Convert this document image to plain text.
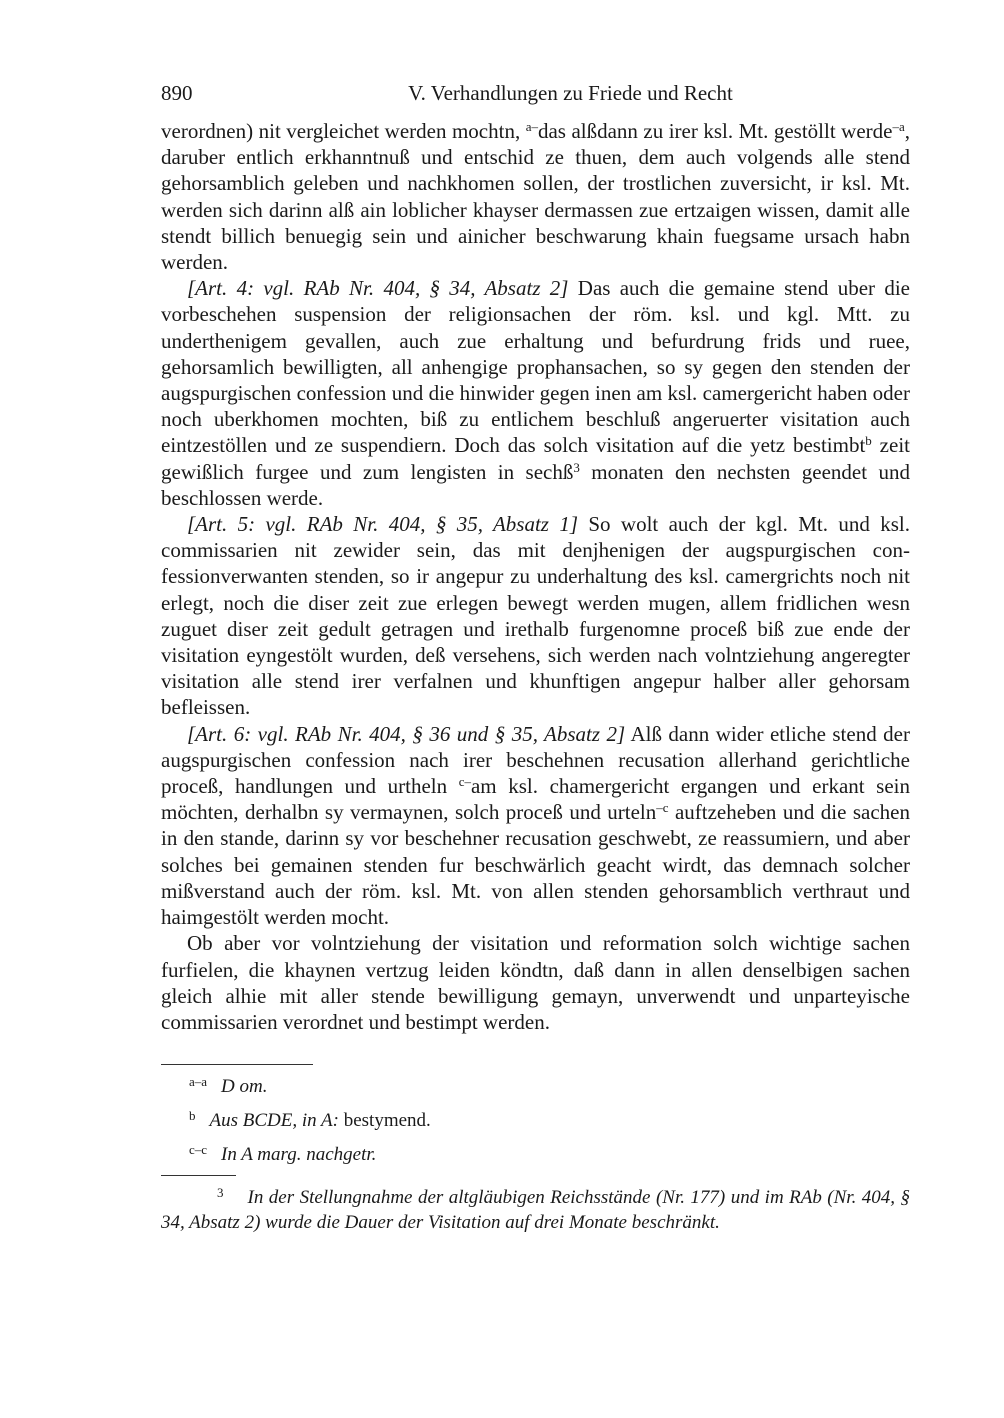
890	V. Verhandlungen zu Friede und Recht

verordnen) nit vergleichet werden mochtn, $^{a-}$das alßdann zu irer ksl. Mt. gestöllt werde$^{-a}$, daruber entlich erkhanntnuß und entschid ze thuen, dem auch volgends alle stend gehorsamblich geleben und nachkhomen sollen, der trostlichen zuversicht, ir ksl. Mt. werden sich darinn alß ain loblicher khayser dermassen zue ertzaigen wissen, damit alle stendt billich benuegig sein und ainicher beschwarung khain fuegsame ursach habn werden.

[Art. 4: vgl. RAb Nr. 404, § 34, Absatz 2] Das auch die gemaine stend uber die vorbeschehen suspension der religionsachen der röm. ksl. und kgl. Mtt. zu underthenigem gevallen, auch zue erhaltung und befurdrung frids und ruee, gehorsamlich bewilligten, all anhengige prophansachen, so sy gegen den stenden der augspurgischen confession und die hinwider gegen inen am ksl. camergericht haben oder noch uberkhomen mochten, biß zu entlichem beschluß angeruerter visitation auch eintzestöllen und ze suspendiern. Doch das solch visitation auf die yetz bestimbt$^b$ zeit gewißlich furgee und zum lengisten in sechß$^3$ monaten den nechsten geendet und beschlossen werde.

[Art. 5: vgl. RAb Nr. 404, § 35, Absatz 1] So wolt auch der kgl. Mt. und ksl. commissarien nit zewider sein, das mit denjhenigen der augspurgischen confessionverwanten stenden, so ir angepur zu underhaltung des ksl. camergrichts noch nit erlegt, noch die diser zeit zue erlegen bewegt werden mugen, allem fridlichen wesn zuguet diser zeit gedult getragen und irethalb furgenomne proceß biß zue ende der visitation eyngestölt wurden, deß versehens, sich werden nach volntziehung angeregter visitation alle stend irer verfalnen und khunftigen angepur halber aller gehorsam befleissen.

[Art. 6: vgl. RAb Nr. 404, § 36 und § 35, Absatz 2] Alß dann wider etliche stend der augspurgischen confession nach irer beschehnen recusation allerhand gerichtliche proceß, handlungen und urtheln $^{c-}$am ksl. chamergericht ergangen und erkant sein möchten, derhalbn sy vermaynen, solch proceß und urteln$^{-c}$ auftzeheben und die sachen in den stande, darinn sy vor beschehner recusation geschwebt, ze reassumiern, und aber solches bei gemainen stenden fur beschwärlich geacht wirdt, das demnach solcher mißverstand auch der röm. ksl. Mt. von allen stenden gehorsamblich verthraut und haimgestölt werden mocht.

Ob aber vor volntziehung der visitation und reformation solch wichtige sachen furfielen, die khaynen vertzug leiden köndtn, daß dann in allen denselbigen sachen gleich alhie mit aller stende bewilligung gemayn, unverwendt und unparteyische commissarien verordnet und bestimpt werden.

a–a D om.
b Aus BCDE, in A: bestymend.
c–c In A marg. nachgetr.
3 In der Stellungnahme der altgläubigen Reichsstände (Nr. 177) und im RAb (Nr. 404, § 34, Absatz 2) wurde die Dauer der Visitation auf drei Monate beschränkt.
